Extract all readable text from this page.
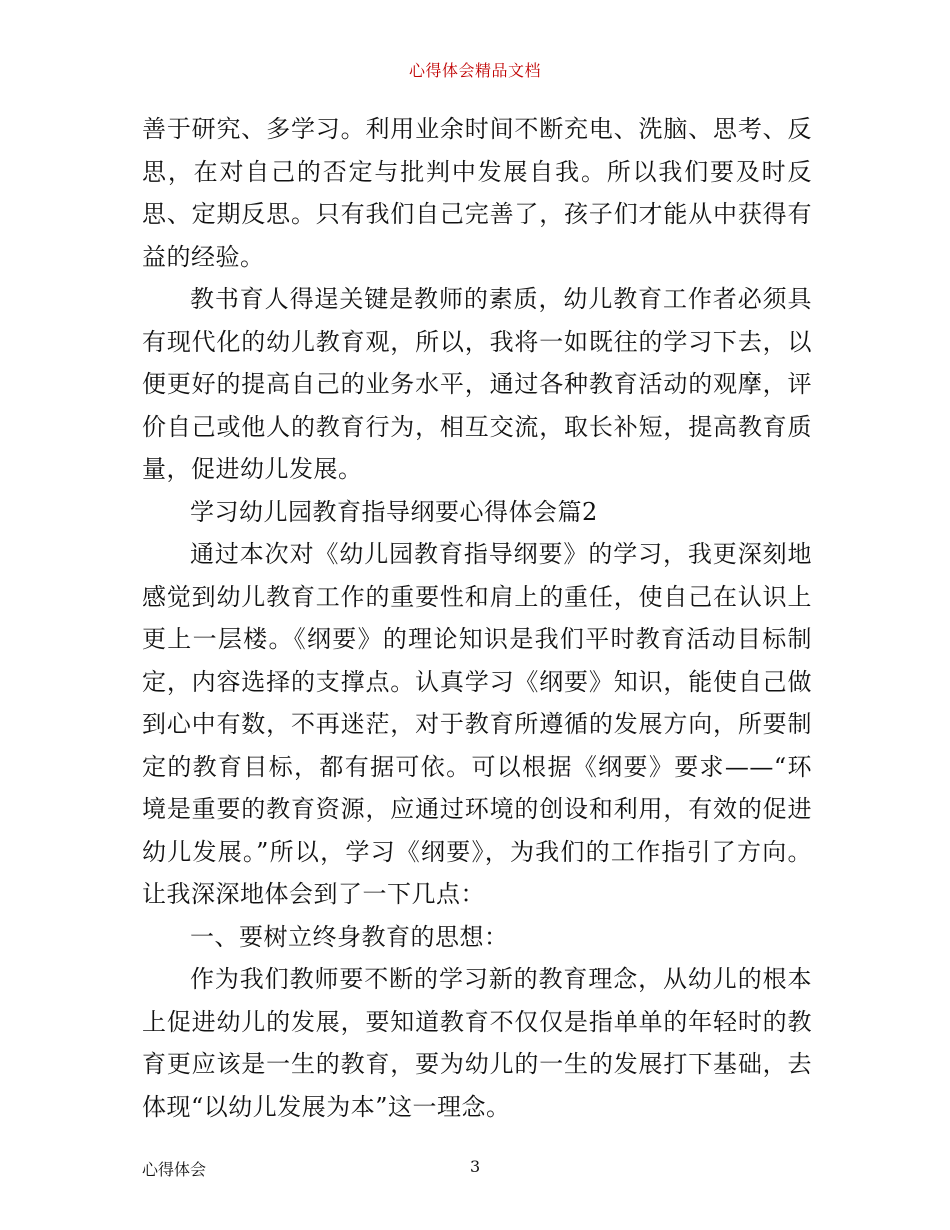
心得体会精品文档

善于研究、多学习。利用业余时间不断充电、洗脑、思考、反思，在对自己的否定与批判中发展自我。所以我们要及时反思、定期反思。只有我们自己完善了，孩子们才能从中获得有益的经验。

教书育人得逞关键是教师的素质，幼儿教育工作者必须具有现代化的幼儿教育观，所以，我将一如既往的学习下去，以便更好的提高自己的业务水平，通过各种教育活动的观摩，评价自己或他人的教育行为，相互交流，取长补短，提高教育质量，促进幼儿发展。

学习幼儿园教育指导纲要心得体会篇2

通过本次对《幼儿园教育指导纲要》的学习，我更深刻地感觉到幼儿教育工作的重要性和肩上的重任，使自己在认识上更上一层楼。《纲要》的理论知识是我们平时教育活动目标制定，内容选择的支撑点。认真学习《纲要》知识，能使自己做到心中有数，不再迷茫，对于教育所遵循的发展方向，所要制定的教育目标，都有据可依。可以根据《纲要》要求——“环境是重要的教育资源，应通过环境的创设和利用，有效的促进幼儿发展。”所以，学习《纲要》，为我们的工作指引了方向。让我深深地体会到了一下几点：

一、要树立终身教育的思想：

作为我们教师要不断的学习新的教育理念，从幼儿的根本上促进幼儿的发展，要知道教育不仅仅是指单单的年轻时的教育更应该是一生的教育，要为幼儿的一生的发展打下基础，去体现“以幼儿发展为本”这一理念。

心得体会	3
